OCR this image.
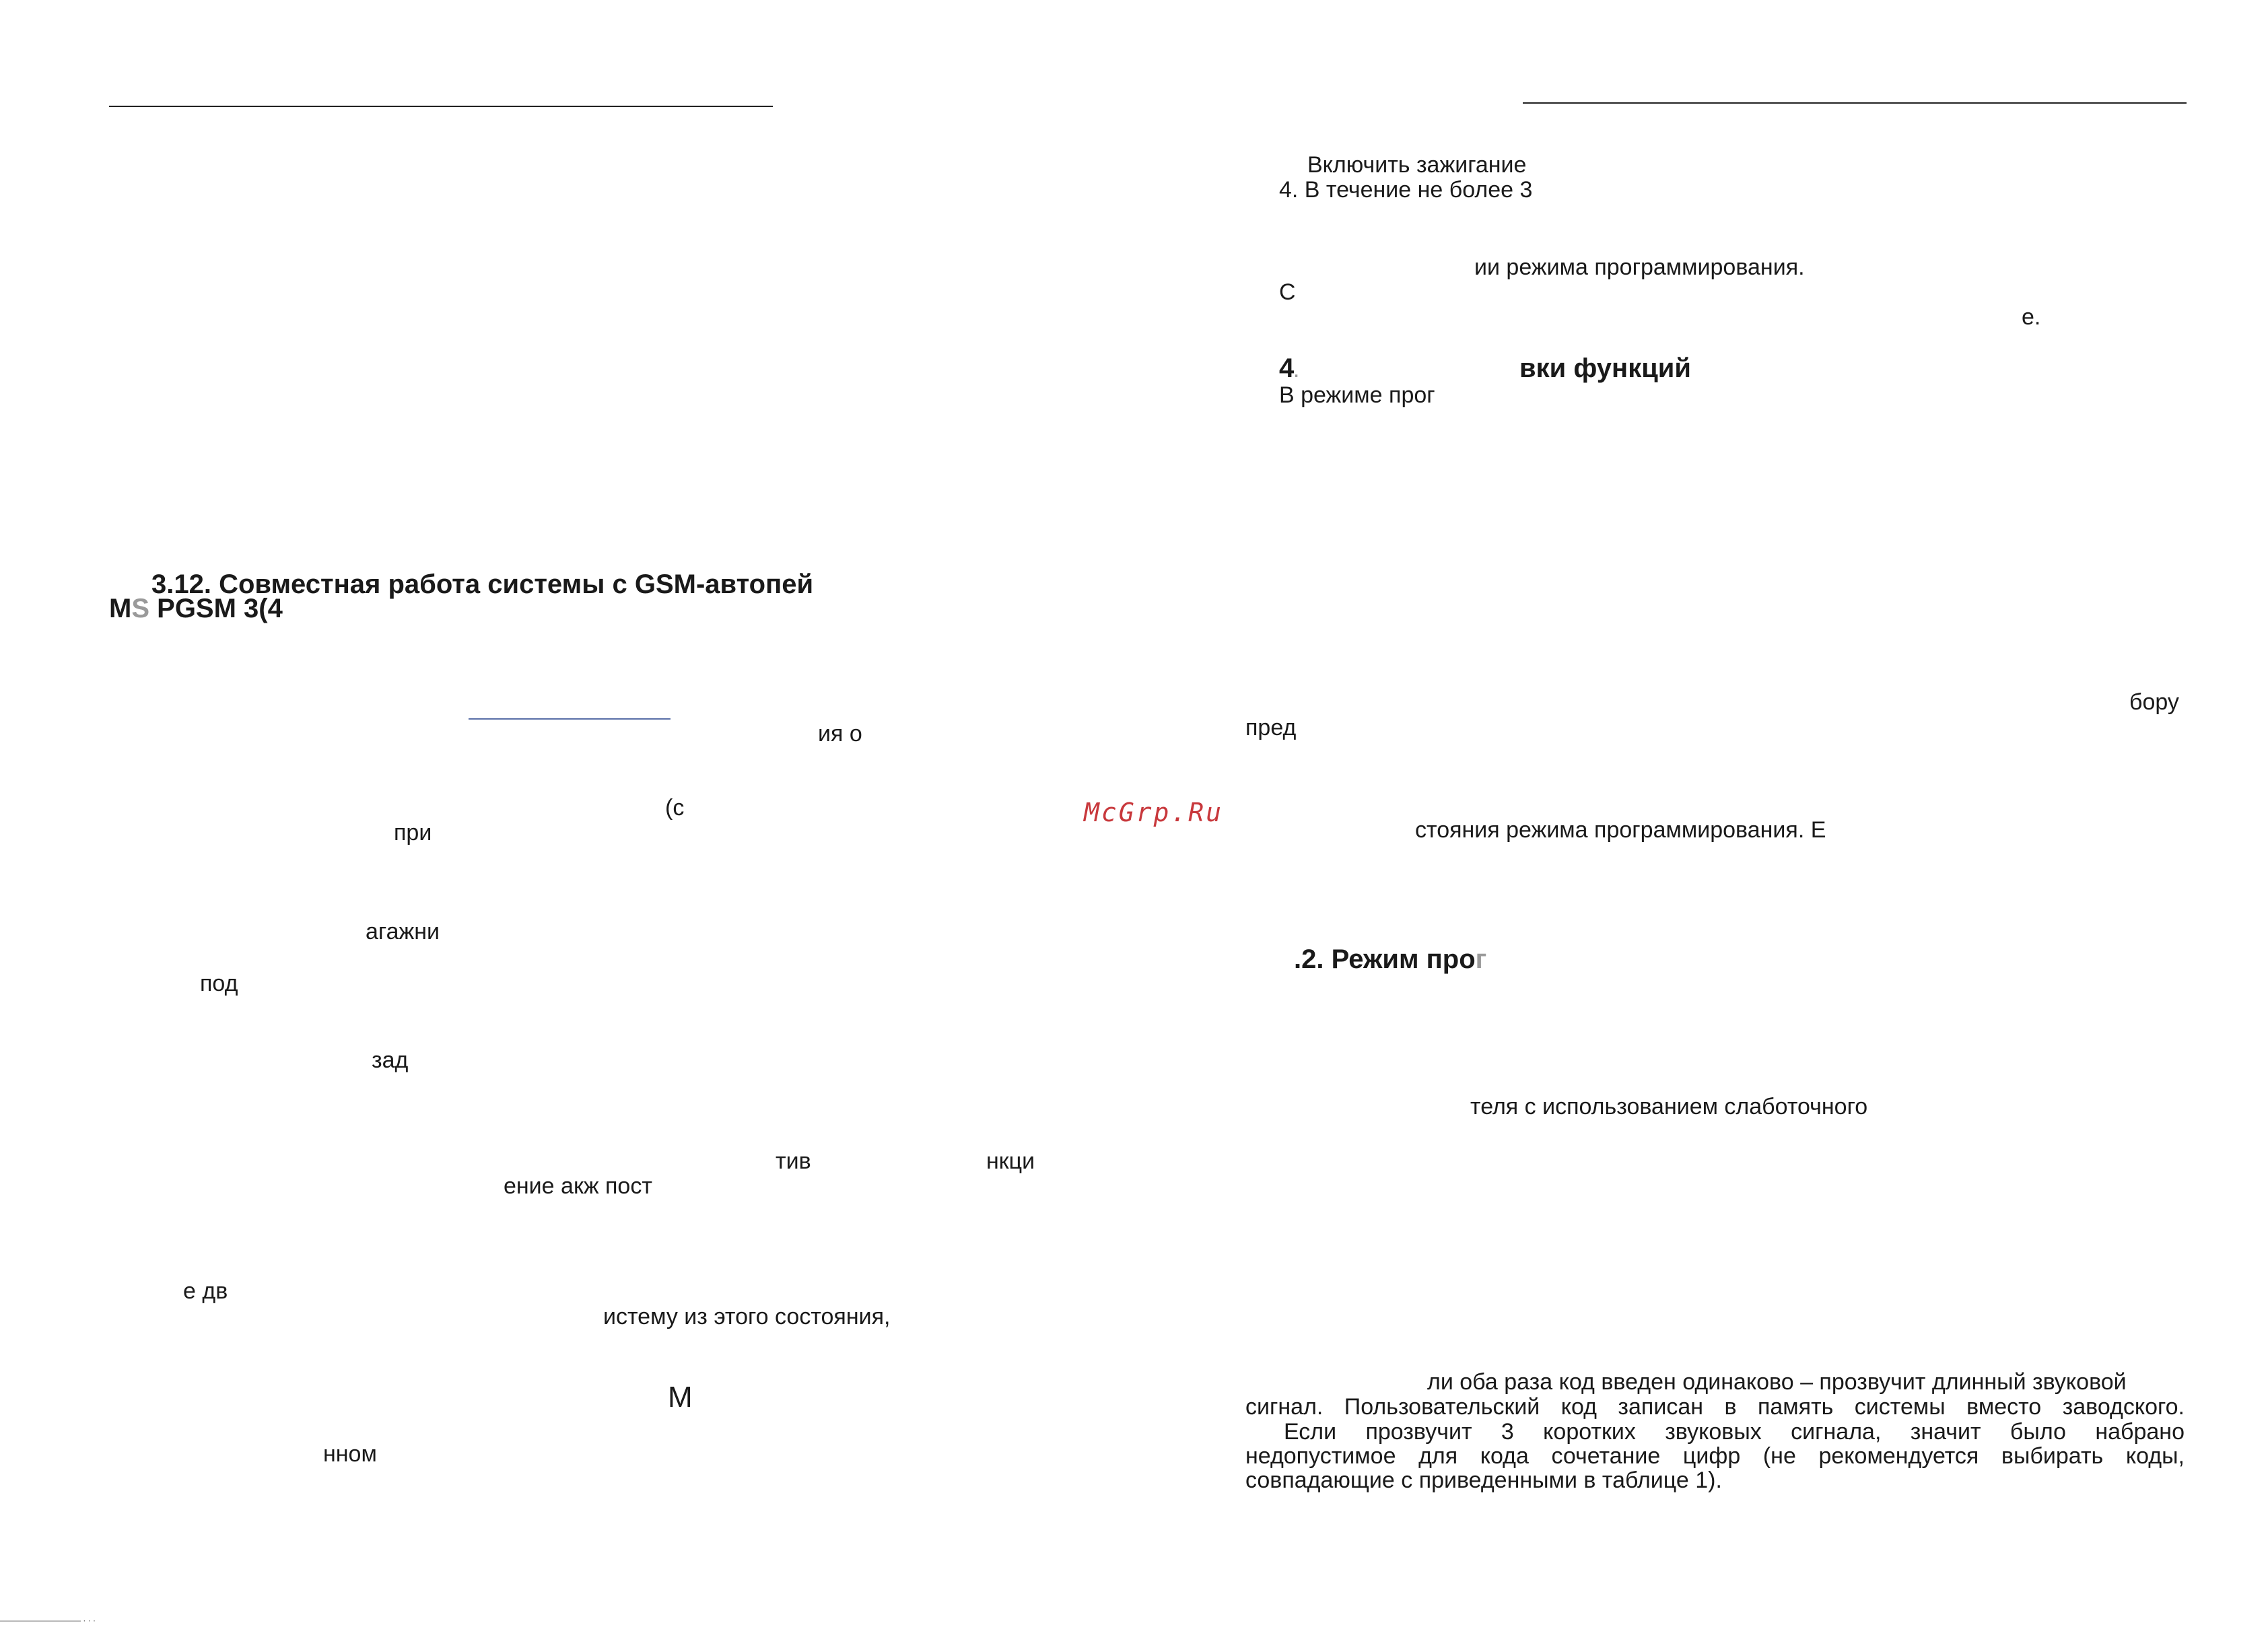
3.12. Совместная работа системы с GSM-автопей
MS PGSM 3(4
ия о
(с
при
агажни
под
зад
тив	нкци
ение акж пост
е дв
истему из этого состояния,
М
нном
―――――――――― · · ·
McGrp.Ru
Включить зажигание
4. В течение не более 3
ии режима программирования.
С
е.
4.	вки функций
В режиме прог
бору
пред
стояния режима программирования. Е
.2. Режим прог
теля с использованием слаботочного
ли оба раза код введен одинаково – прозвучит длинный звуковой
сигнал. Пользовательский код записан в память системы вместо заводского.
Если прозвучит 3 коротких звуковых сигнала, значит было набрано
недопустимое для кода сочетание цифр (не рекомендуется выбирать коды,
совпадающие с приведенными в таблице 1).
